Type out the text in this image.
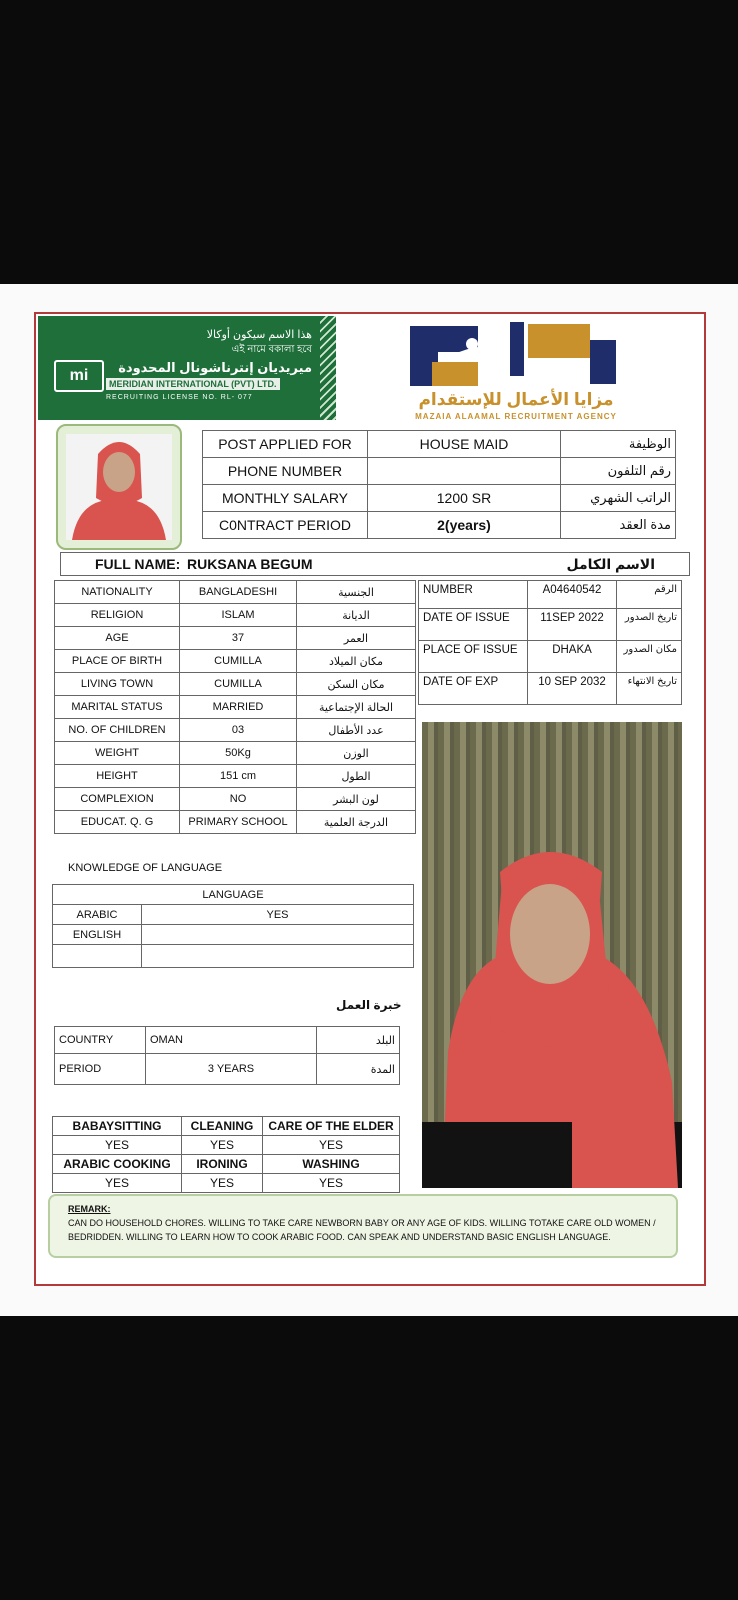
هذا الاسم سيكون أوكالا
এই নামে বকালা হবে
ميريديان إنترناشونال المحدودة
mi	MERIDIAN INTERNATIONAL (PVT) LTD.
RECRUITING LICENSE NO. RL- 077	مزايا الأعمال للإستقدام
MAZAIA ALAAMAL RECRUITMENT AGENCY
POST APPLIED FOR	HOUSE MAID	الوظيفة
PHONE NUMBER		رقم التلفون
MONTHLY SALARY	1200 SR	الراتب الشهري
C0NTRACT PERIOD	2(years)	مدة العقد
FULL NAME: RUKSANA BEGUM	الاسم الكامل
NATIONALITY	BANGLADESHI	الجنسية
RELIGION	ISLAM	الديانة
AGE	37	العمر
PLACE OF BIRTH	CUMILLA	مكان الميلاد
LIVING TOWN	CUMILLA	مكان السكن
MARITAL STATUS	MARRIED	الحالة الإجتماعية
NO. OF CHILDREN	03	عدد الأطفال
WEIGHT	50Kg	الوزن
HEIGHT	151 cm	الطول
COMPLEXION	NO	لون البشر
EDUCAT. Q. G	PRIMARY SCHOOL	الدرجة العلمية
NUMBER	A04640542	الرقم
DATE OF ISSUE	11SEP 2022	تاريخ الصدور
PLACE OF ISSUE	DHAKA	مكان الصدور
DATE OF EXP	10 SEP 2032	تاريخ الانتهاء
KNOWLEDGE OF LANGUAGE
LANGUAGE	
ARABIC	YES
ENGLISH	

خبرة العمل
COUNTRY	OMAN	البلد
PERIOD	3 YEARS	المدة
BABAYSITTING	CLEANING	CARE OF THE ELDER
YES	YES	YES
ARABIC COOKING	IRONING	WASHING
YES	YES	YES
REMARK:
CAN DO HOUSEHOLD CHORES. WILLING TO TAKE CARE NEWBORN BABY OR ANY AGE OF KIDS. WILLING TOTAKE CARE OLD WOMEN / BEDRIDDEN. WILLING TO LEARN HOW TO COOK ARABIC FOOD. CAN SPEAK AND UNDERSTAND BASIC ENGLISH LANGUAGE.
